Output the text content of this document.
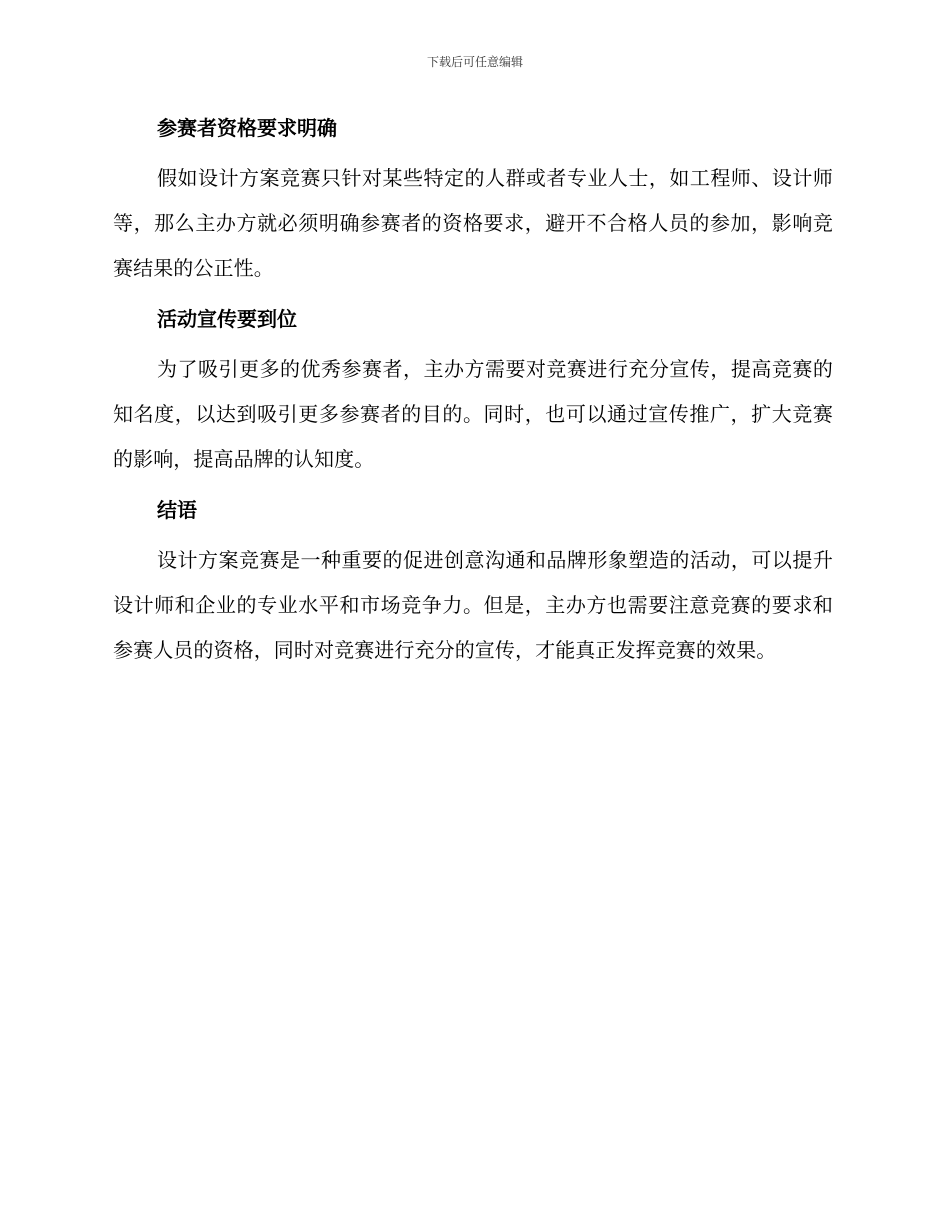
下载后可任意编辑
参赛者资格要求明确

假如设计方案竞赛只针对某些特定的人群或者专业人士，如工程师、设计师等，那么主办方就必须明确参赛者的资格要求，避开不合格人员的参加，影响竞赛结果的公正性。

活动宣传要到位

为了吸引更多的优秀参赛者，主办方需要对竞赛进行充分宣传，提高竞赛的知名度，以达到吸引更多参赛者的目的。同时，也可以通过宣传推广，扩大竞赛的影响，提高品牌的认知度。

结语

设计方案竞赛是一种重要的促进创意沟通和品牌形象塑造的活动，可以提升设计师和企业的专业水平和市场竞争力。但是，主办方也需要注意竞赛的要求和参赛人员的资格，同时对竞赛进行充分的宣传，才能真正发挥竞赛的效果。
